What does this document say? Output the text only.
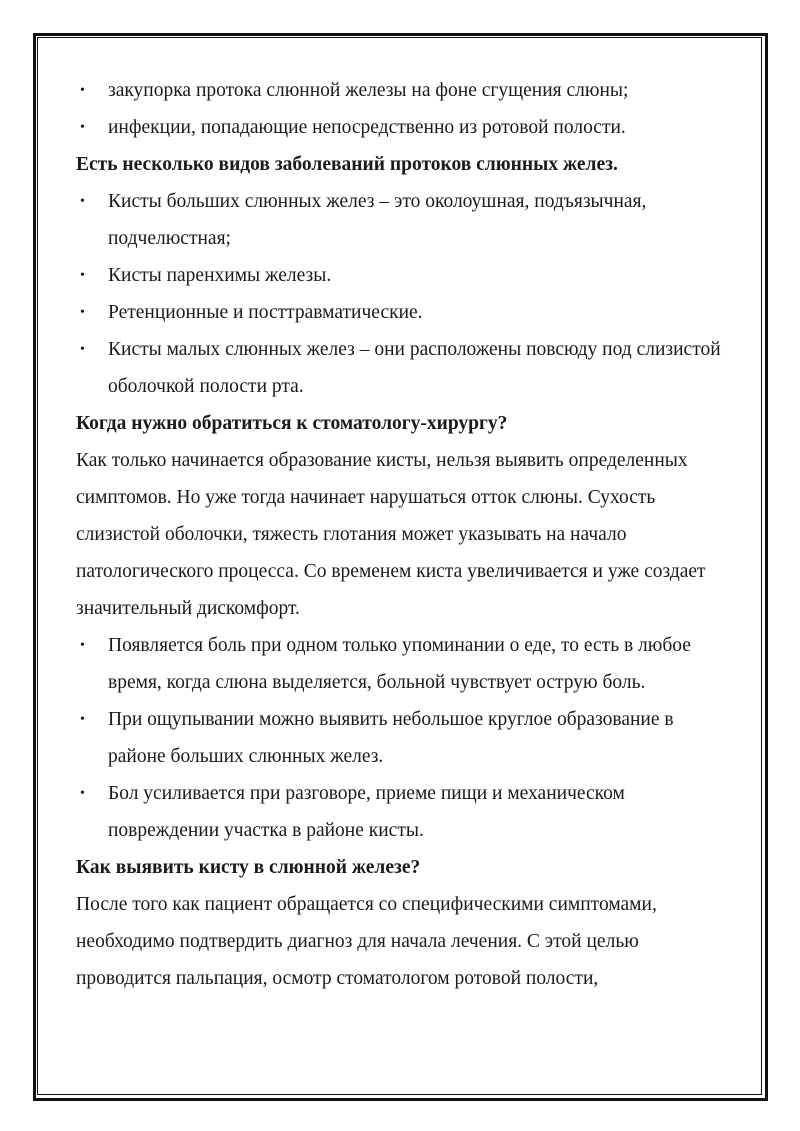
• закупорка протока слюнной железы на фоне сгущения слюны;
• инфекции, попадающие непосредственно из ротовой полости.

Есть несколько видов заболеваний протоков слюнных желез.

• Кисты больших слюнных желез – это околоушная, подъязычная, подчелюстная;
• Кисты паренхимы железы.
• Ретенционные и посттравматические.
• Кисты малых слюнных желез – они расположены повсюду под слизистой оболочкой полости рта.

Когда нужно обратиться к стоматологу-хирургу?

Как только начинается образование кисты, нельзя выявить определенных симптомов. Но уже тогда начинает нарушаться отток слюны. Сухость слизистой оболочки, тяжесть глотания может указывать на начало патологического процесса. Со временем киста увеличивается и уже создает значительный дискомфорт.

• Появляется боль при одном только упоминании о еде, то есть в любое время, когда слюна выделяется, больной чувствует острую боль.
• При ощупывании можно выявить небольшое круглое образование в районе больших слюнных желез.
• Бол усиливается при разговоре, приеме пищи и механическом повреждении участка в районе кисты.

Как выявить кисту в слюнной железе?

После того как пациент обращается со специфическими симптомами, необходимо подтвердить диагноз для начала лечения. С этой целью проводится пальпация, осмотр стоматологом ротовой полости,
